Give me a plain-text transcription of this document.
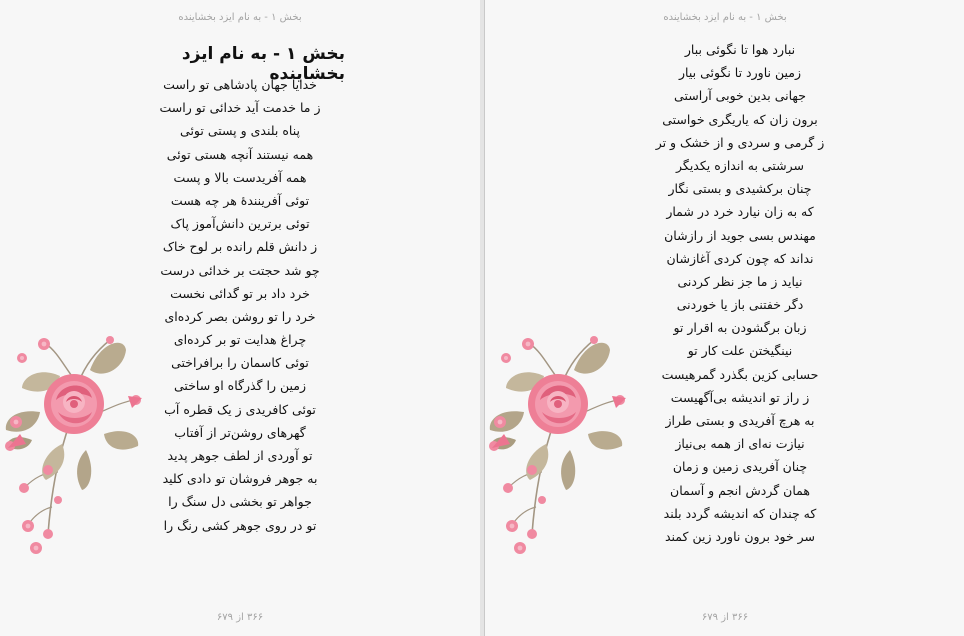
بخش ۱ - به نام ایزد بخشاینده
بخش ۱ - به نام ایزد بخشاینده
خدایا جهان پادشاهی تو راست
ز ما خدمت آید خدائی تو راست
پناه بلندی و پستی توئی
همه نیستند آنچه هستی توئی
همه آفریدست بالا و پست
توئی آفریننده‌ٔ هر چه هست
توئی برترین دانش‌آموز پاک
ز دانش قلم رانده بر لوح خاک
چو شد حجتت بر خدائی درست
خرد داد بر تو گدائی نخست
خرد را تو روشن بصر کرده‌ای
چراغ هدایت تو بر کرده‌ای
توئی کاسمان را برافراختی
زمین را گذرگاه او ساختی
توئی کافریدی ز یک قطره آب
گهرهای روشن‌تر از آفتاب
تو آوردی از لطف جوهر پدید
به جوهر فروشان تو دادی کلید
جواهر تو بخشی دل سنگ را
تو در روی جوهر کشی رنگ را
۳۶۶ از ۶۷۹
بخش ۱ - به نام ایزد بخشاینده
نبارد هوا تا نگوئی ببار
زمین ناورد تا نگوئی بیار
جهانی بدین خوبی آراستی
برون زان که یاریگری خواستی
ز گرمی و سردی و از خشک و تر
سرشتی به اندازه یکدیگر
چنان برکشیدی و بستی نگار
که به زان نیارد خرد در شمار
مهندس بسی جوید از رازشان
نداند که چون کردی آغازشان
نیاید ز ما جز نظر کردنی
دگر خفتنی باز یا خوردنی
زبان برگشودن به اقرار تو
نینگیختن علت کار تو
حسابی کزین بگذرد گمرهیست
ز راز تو اندیشه بی‌آگهیست
به هرچ آفریدی و بستی طراز
نیازت نه‌ای از همه بی‌نیاز
چنان آفریدی زمین و زمان
همان گردش انجم و آسمان
که چندان که اندیشه گردد بلند
سر خود برون ناورد زین کمند
۳۶۶ از ۶۷۹
